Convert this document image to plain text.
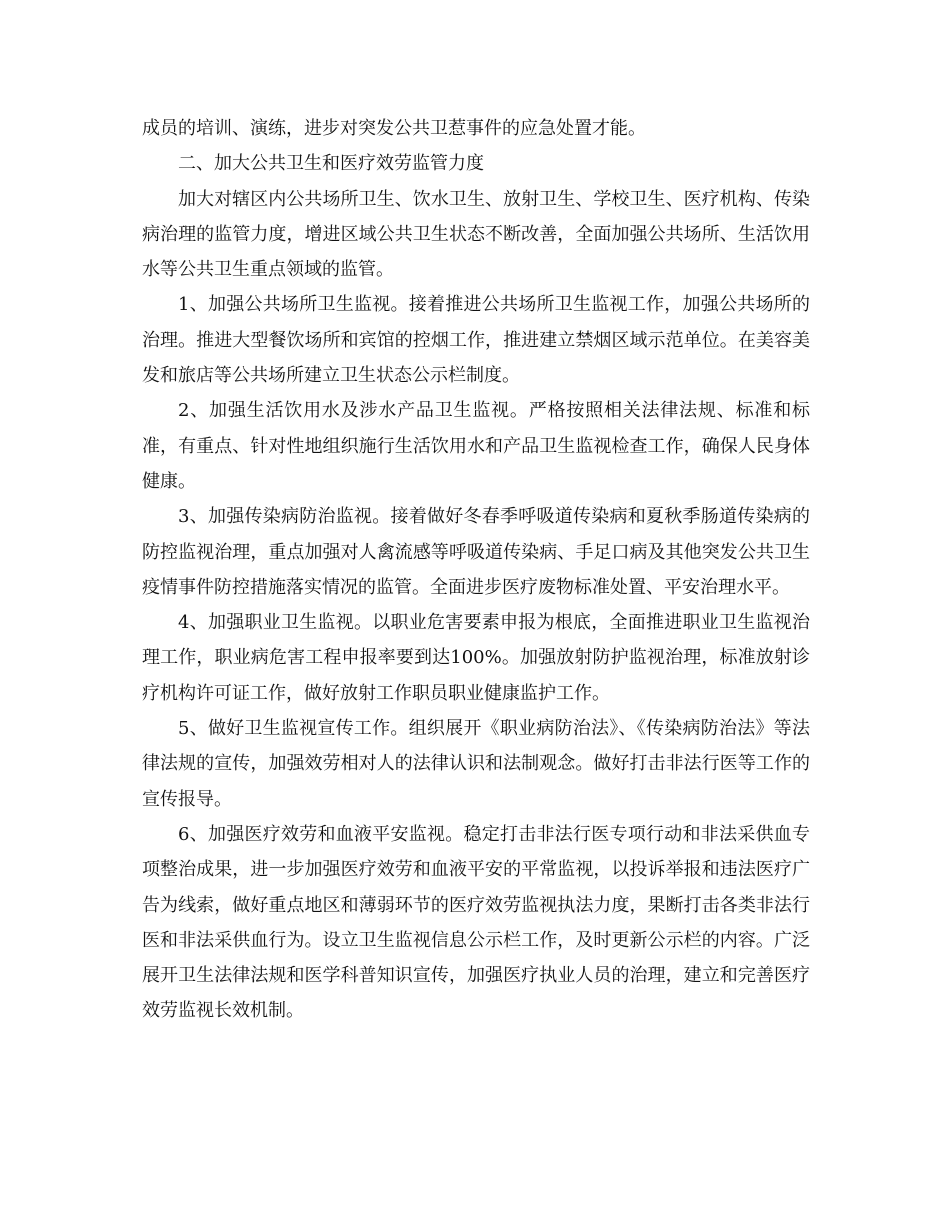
成员的培训、演练，进步对突发公共卫惹事件的应急处置才能。

二、加大公共卫生和医疗效劳监管力度

加大对辖区内公共场所卫生、饮水卫生、放射卫生、学校卫生、医疗机构、传染病治理的监管力度，增进区域公共卫生状态不断改善，全面加强公共场所、生活饮用水等公共卫生重点领域的监管。

1、加强公共场所卫生监视。接着推进公共场所卫生监视工作，加强公共场所的治理。推进大型餐饮场所和宾馆的控烟工作，推进建立禁烟区域示范单位。在美容美发和旅店等公共场所建立卫生状态公示栏制度。

2、加强生活饮用水及涉水产品卫生监视。严格按照相关法律法规、标准和标准，有重点、针对性地组织施行生活饮用水和产品卫生监视检查工作，确保人民身体健康。

3、加强传染病防治监视。接着做好冬春季呼吸道传染病和夏秋季肠道传染病的防控监视治理，重点加强对人禽流感等呼吸道传染病、手足口病及其他突发公共卫生疫情事件防控措施落实情况的监管。全面进步医疗废物标准处置、平安治理水平。

4、加强职业卫生监视。以职业危害要素申报为根底，全面推进职业卫生监视治理工作，职业病危害工程申报率要到达100%。加强放射防护监视治理，标准放射诊疗机构许可证工作，做好放射工作职员职业健康监护工作。

5、做好卫生监视宣传工作。组织展开《职业病防治法》、《传染病防治法》等法律法规的宣传，加强效劳相对人的法律认识和法制观念。做好打击非法行医等工作的宣传报导。

6、加强医疗效劳和血液平安监视。稳定打击非法行医专项行动和非法采供血专项整治成果，进一步加强医疗效劳和血液平安的平常监视，以投诉举报和违法医疗广告为线索，做好重点地区和薄弱环节的医疗效劳监视执法力度，果断打击各类非法行医和非法采供血行为。设立卫生监视信息公示栏工作，及时更新公示栏的内容。广泛展开卫生法律法规和医学科普知识宣传，加强医疗执业人员的治理，建立和完善医疗效劳监视长效机制。
